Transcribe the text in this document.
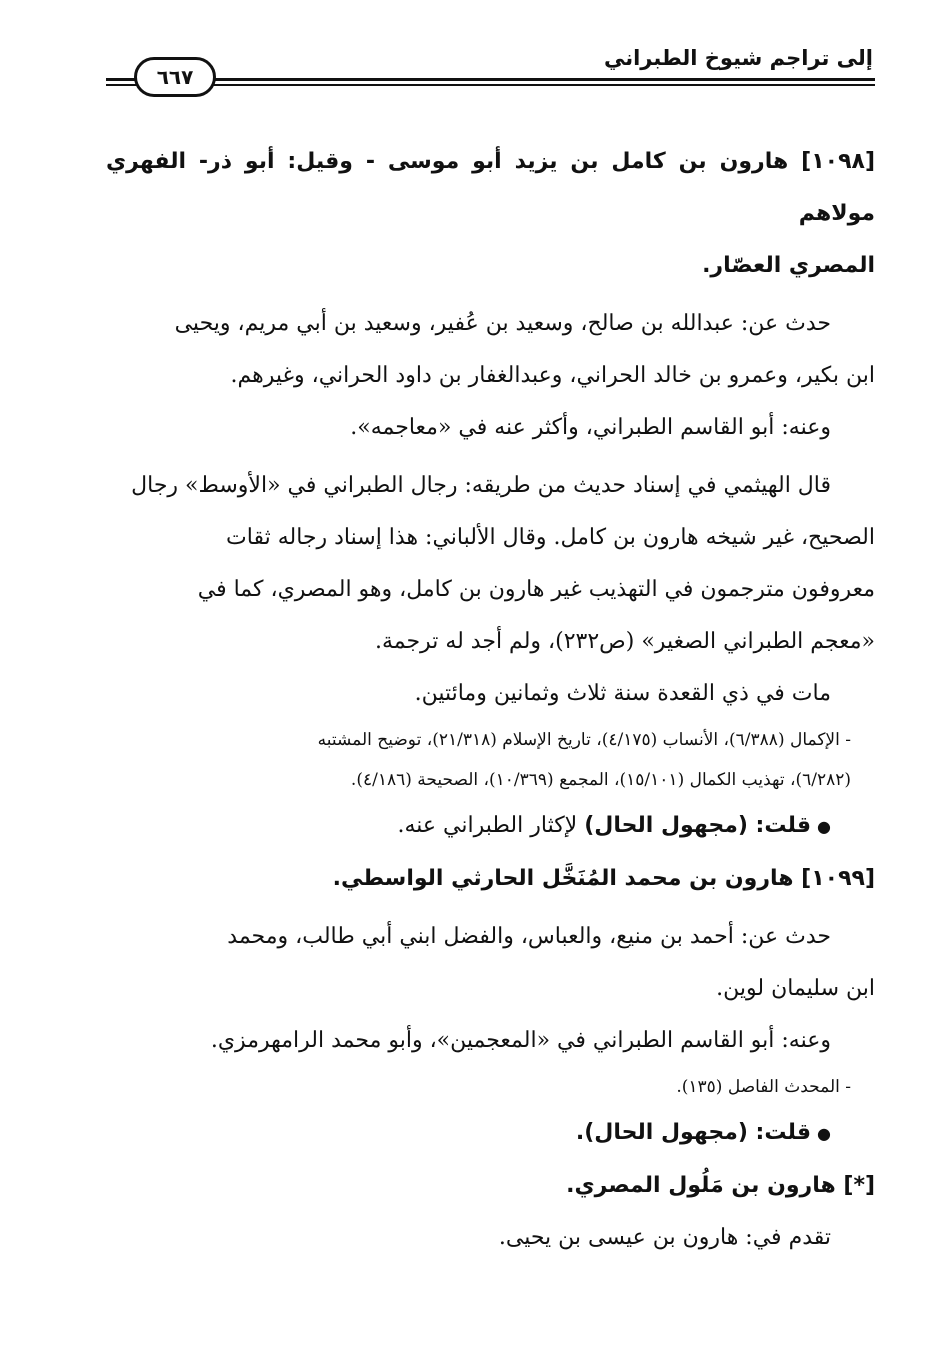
إلى تراجم شيوخ الطبراني
٦٦٧

[١٠٩٨] هارون بن كامل بن يزيد أبو موسى - وقيل: أبو ذر- الفهري مولاهم
المصري العصّار.

حدث عن: عبدالله بن صالح، وسعيد بن عُفير، وسعيد بن أبي مريم، ويحيى
ابن بكير، وعمرو بن خالد الحراني، وعبدالغفار بن داود الحراني، وغيرهم.

وعنه: أبو القاسم الطبراني، وأكثر عنه في «معاجمه».

قال الهيثمي في إسناد حديث من طريقه: رجال الطبراني في «الأوسط» رجال
الصحيح، غير شيخه هارون بن كامل. وقال الألباني: هذا إسناد رجاله ثقات
معروفون مترجمون في التهذيب غير هارون بن كامل، وهو المصري، كما في
«معجم الطبراني الصغير» (ص٢٣٢)، ولم أجد له ترجمة.

مات في ذي القعدة سنة ثلاث وثمانين ومائتين.

- الإكمال (٦/٣٨٨)، الأنساب (٤/١٧٥)، تاريخ الإسلام (٢١/٣١٨)، توضيح المشتبه
(٦/٢٨٢)، تهذيب الكمال (١٥/١٠١)، المجمع (١٠/٣٦٩)، الصحيحة (٤/١٨٦).

●قلت: (مجهول الحال) لإكثار الطبراني عنه.

[١٠٩٩] هارون بن محمد المُنَخَّل الحارثي الواسطي.

حدث عن: أحمد بن منيع، والعباس، والفضل ابني أبي طالب، ومحمد
ابن سليمان لوين.

وعنه: أبو القاسم الطبراني في «المعجمين»، وأبو محمد الرامهرمزي.

- المحدث الفاصل (١٣٥).

●قلت: (مجهول الحال).

[*] هارون بن مَلُول المصري.

تقدم في: هارون بن عيسى بن يحيى.
